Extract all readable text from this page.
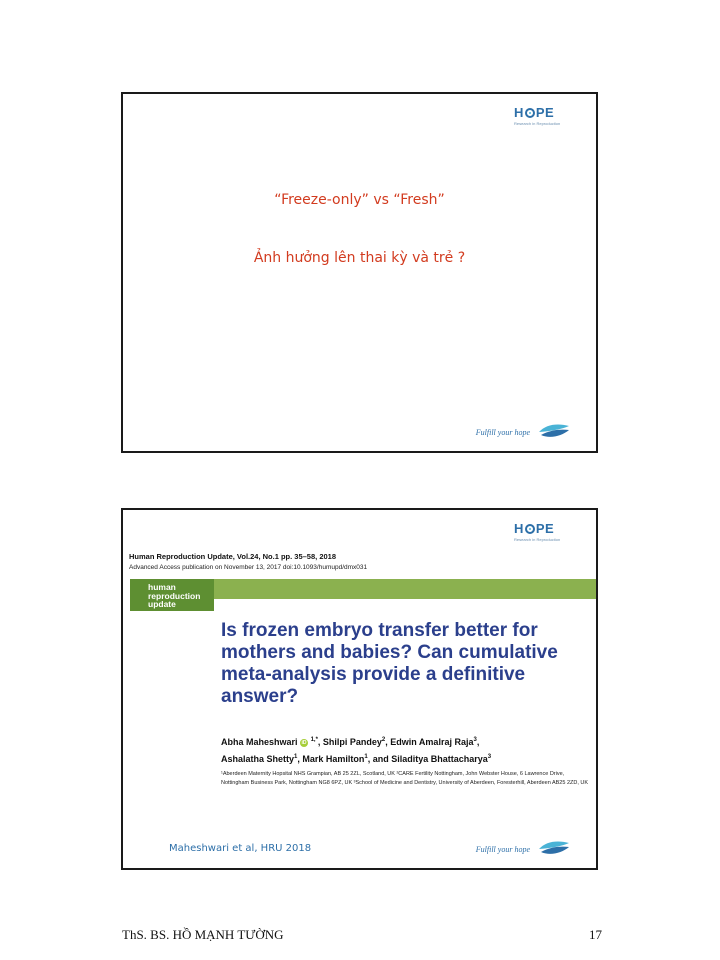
H PE
Research in Reproduction
“Freeze-only” vs “Fresh”
Ảnh hưởng lên thai kỳ và trẻ ?
Fulfill your hope
H PE
Research in Reproduction
Human Reproduction Update, Vol.24, No.1 pp. 35–58, 2018
Advanced Access publication on November 13, 2017 doi:10.1093/humupd/dmx031
human
reproduction
update
Is frozen embryo transfer better for mothers and babies? Can cumulative meta-analysis provide a definitive answer?
Abha Maheshwari iD $^{1,*}$, Shilpi Pandey$^2$, Edwin Amalraj Raja$^3$,
Ashalatha Shetty$^1$, Mark Hamilton$^1$, and Siladitya Bhattacharya$^3$
¹Aberdeen Maternity Hopsital NHS Grampian, AB 25 2ZL, Scotland, UK ²CARE Fertility Nottingham, John Webster House, 6 Lawrence Drive, Nottingham Business Park, Nottingham NG8 6PZ, UK ³School of Medicine and Dentistry, University of Aberdeen, Foresterhill, Aberdeen AB25 2ZD, UK
Maheshwari et al, HRU 2018	Fulfill your hope
ThS. BS. HỒ MẠNH TƯỜNG	17
